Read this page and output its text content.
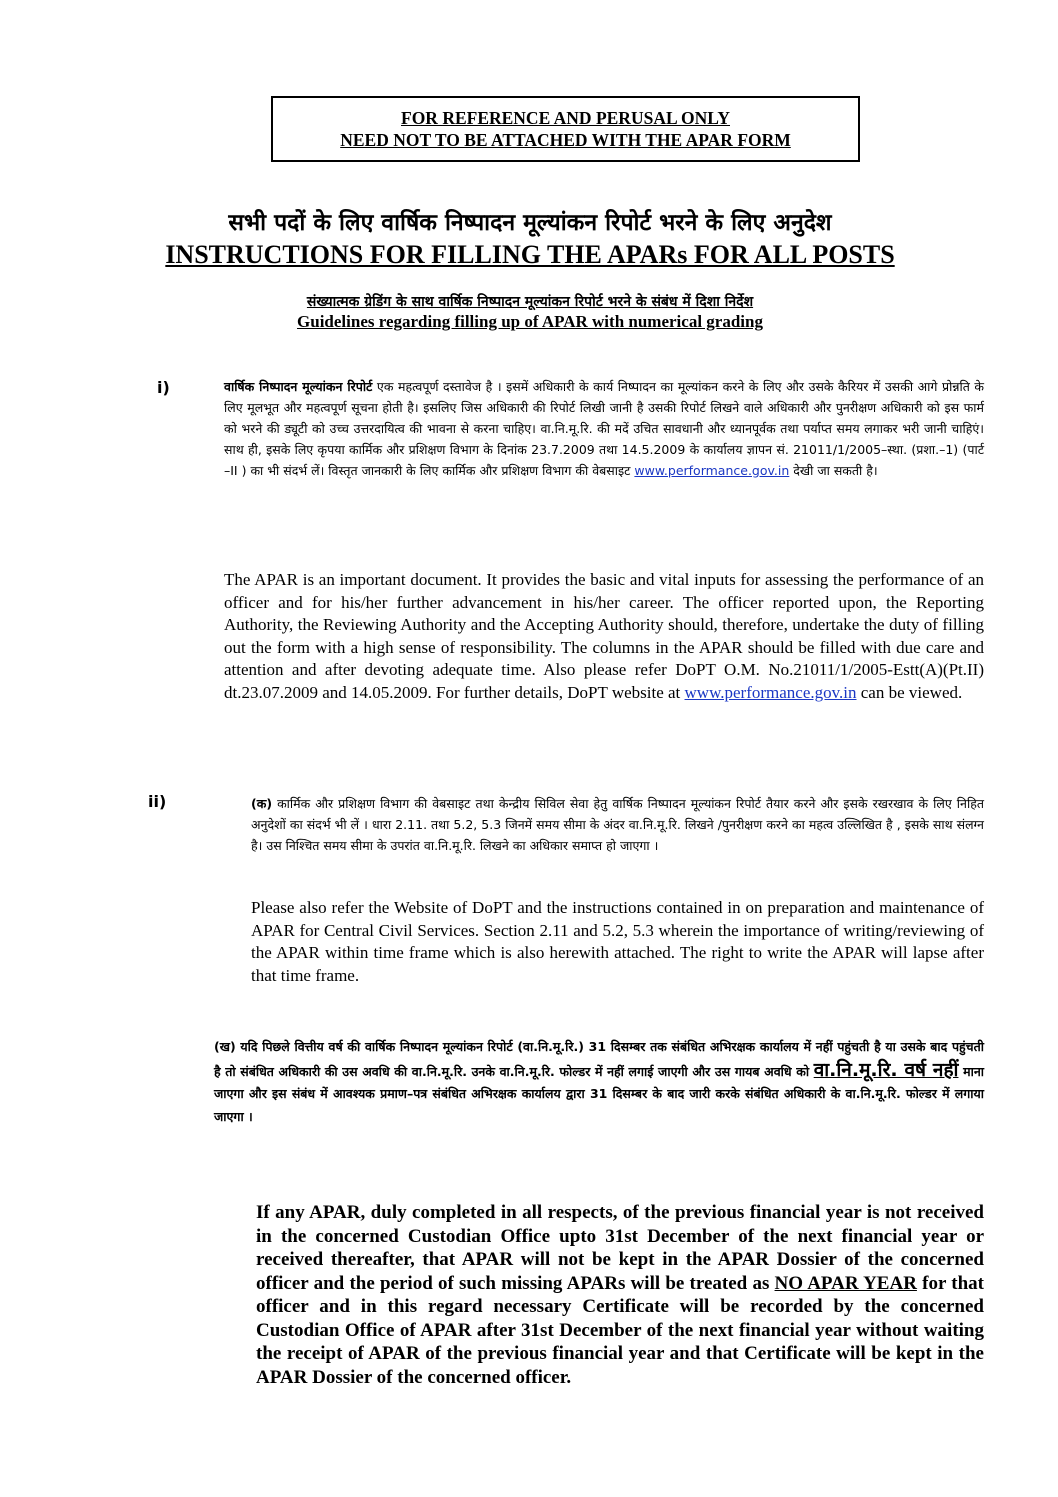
FOR REFERENCE AND PERUSAL ONLY
NEED NOT TO BE ATTACHED WITH THE APAR FORM
सभी पदों के लिए वार्षिक निष्पादन मूल्यांकन रिपोर्ट भरने के लिए अनुदेश
INSTRUCTIONS FOR FILLING THE APARs FOR ALL POSTS
संख्यात्मक ग्रेडिंग के साथ वार्षिक निष्पादन मूल्यांकन रिपोर्ट भरने के संबंध में दिशा निर्देश
Guidelines regarding filling up of APAR with numerical grading
i)	वार्षिक निष्पादन मूल्यांकन रिपोर्ट एक महत्वपूर्ण दस्तावेज है । इसमें अधिकारी के कार्य निष्पादन का मूल्यांकन करने के लिए और उसके कैरियर में उसकी आगे प्रोन्नति के लिए मूलभूत और महत्वपूर्ण सूचना होती है। इसलिए जिस अधिकारी की रिपोर्ट लिखी जानी है उसकी रिपोर्ट लिखने वाले अधिकारी और पुनरीक्षण अधिकारी को इस फार्म को भरने की ड्यूटी को उच्च उत्तरदायित्व की भावना से करना चाहिए। वा.नि.मू.रि. की मदें उचित सावधानी और ध्यानपूर्वक तथा पर्याप्त समय लगाकर भरी जानी चाहिएं। साथ ही, इसके लिए कृपया कार्मिक और प्रशिक्षण विभाग के दिनांक 23.7.2009 तथा 14.5.2009 के कार्यालय ज्ञापन सं. 21011/1/2005–स्था. (प्रशा.–1) (पार्ट –II ) का भी संदर्भ लें। विस्तृत जानकारी के लिए कार्मिक और प्रशिक्षण विभाग की वेबसाइट www.performance.gov.in देखी जा सकती है।
The APAR is an important document. It provides the basic and vital inputs for assessing the performance of an officer and for his/her further advancement in his/her career. The officer reported upon, the Reporting Authority, the Reviewing Authority and the Accepting Authority should, therefore, undertake the duty of filling out the form with a high sense of responsibility. The columns in the APAR should be filled with due care and attention and after devoting adequate time. Also please refer DoPT O.M. No.21011/1/2005-Estt(A)(Pt.II) dt.23.07.2009 and 14.05.2009. For further details, DoPT website at www.performance.gov.in can be viewed.
ii)	(क) कार्मिक और प्रशिक्षण विभाग की वेबसाइट तथा केन्द्रीय सिविल सेवा हेतु वार्षिक निष्पादन मूल्यांकन रिपोर्ट तैयार करने और इसके रखरखाव के लिए निहित अनुदेशों का संदर्भ भी लें । धारा 2.11. तथा 5.2, 5.3 जिनमें समय सीमा के अंदर वा.नि.मू.रि. लिखने /पुनरीक्षण करने का महत्व उल्लिखित है , इसके साथ संलग्न है। उस निश्चित समय सीमा के उपरांत वा.नि.मू.रि. लिखने का अधिकार समाप्त हो जाएगा ।
Please also refer the Website of DoPT and the instructions contained in on preparation and maintenance of APAR for Central Civil Services. Section 2.11 and 5.2, 5.3 wherein the importance of writing/reviewing of the APAR within time frame which is also herewith attached. The right to write the APAR will lapse after that time frame.
(ख) यदि पिछले वित्तीय वर्ष की वार्षिक निष्पादन मूल्यांकन रिपोर्ट (वा.नि.मू.रि.) 31 दिसम्बर तक संबंधित अभिरक्षक कार्यालय में नहीं पहुंचती है या उसके बाद पहुंचती है तो संबंधित अधिकारी की उस अवधि की वा.नि.मू.रि. उनके वा.नि.मू.रि. फोल्डर में नहीं लगाई जाएगी और उस गायब अवधि को वा.नि.मू.रि. वर्ष नहीं माना जाएगा और इस संबंध में आवश्यक प्रमाण–पत्र संबंधित अभिरक्षक कार्यालय द्वारा 31 दिसम्बर के बाद जारी करके संबंधित अधिकारी के वा.नि.मू.रि. फोल्डर में लगाया जाएगा ।
If any APAR, duly completed in all respects, of the previous financial year is not received in the concerned Custodian Office upto 31st December of the next financial year or received thereafter, that APAR will not be kept in the APAR Dossier of the concerned officer and the period of such missing APARs will be treated as NO APAR YEAR for that officer and in this regard necessary Certificate will be recorded by the concerned Custodian Office of APAR after 31st December of the next financial year without waiting the receipt of APAR of the previous financial year and that Certificate will be kept in the APAR Dossier of the concerned officer.
